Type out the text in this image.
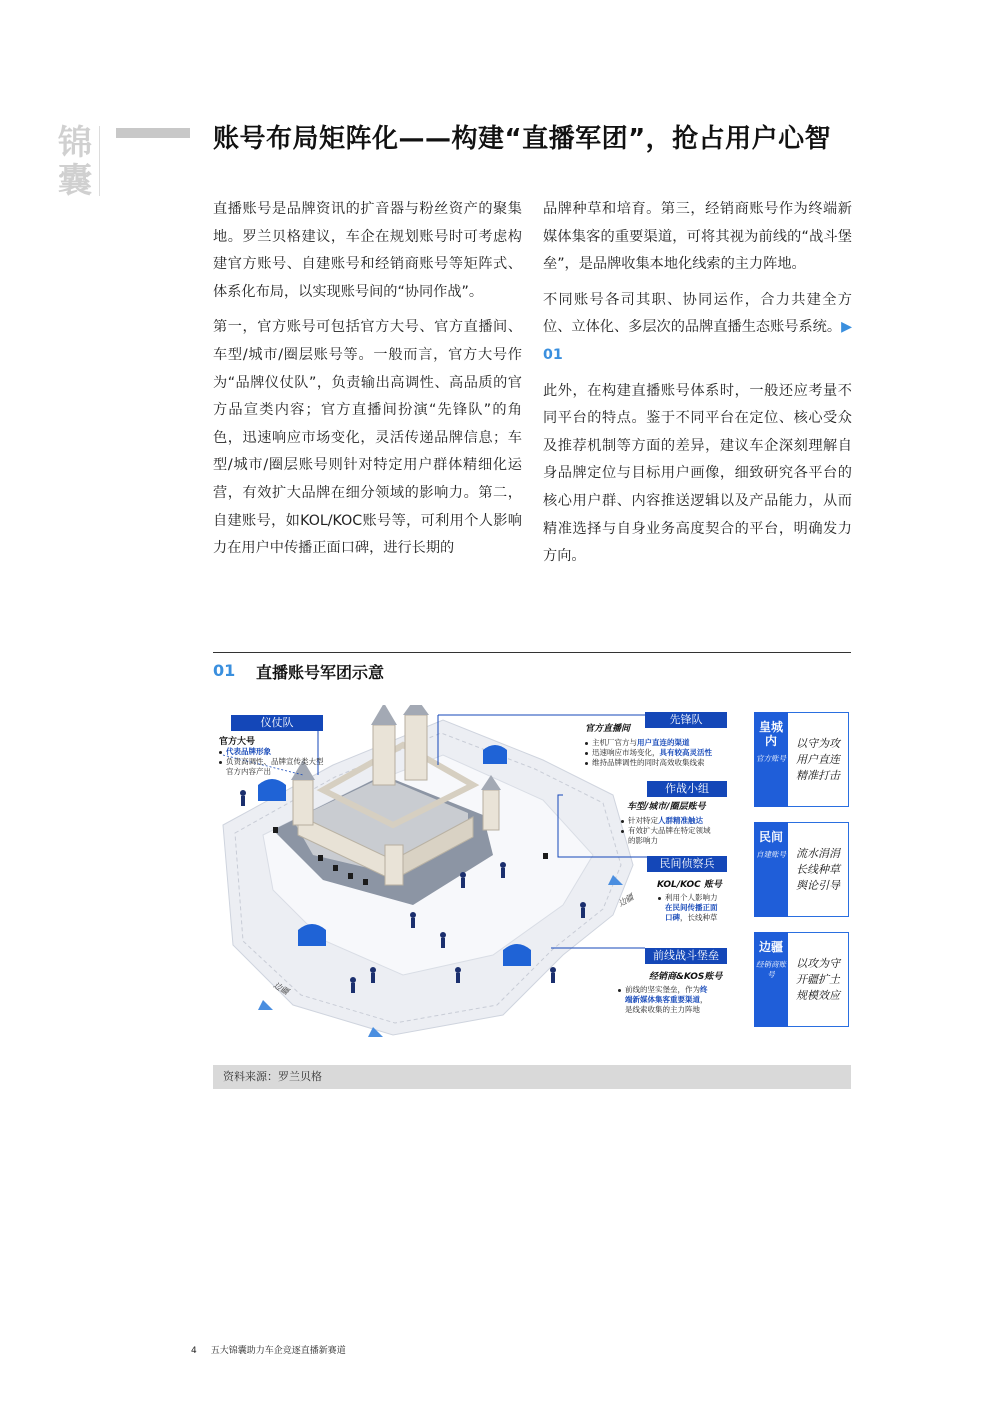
锦
囊
账号布局矩阵化——构建“直播军团”，抢占用户心智

直播账号是品牌资讯的扩音器与粉丝资产的聚集地。罗兰贝格建议，车企在规划账号时可考虑构建官方账号、自建账号和经销商账号等矩阵式、体系化布局，以实现账号间的“协同作战”。

第一，官方账号可包括官方大号、官方直播间、车型/城市/圈层账号等。一般而言，官方大号作为“品牌仪仗队”，负责输出高调性、高品质的官方品宣类内容；官方直播间扮演“先锋队”的角色，迅速响应市场变化，灵活传递品牌信息；车型/城市/圈层账号则针对特定用户群体精细化运营，有效扩大品牌在细分领域的影响力。第二，自建账号，如KOL/KOC账号等，可利用个人影响力在用户中传播正面口碑，进行长期的

品牌种草和培育。第三，经销商账号作为终端新媒体集客的重要渠道，可将其视为前线的“战斗堡垒”，是品牌收集本地化线索的主力阵地。

不同账号各司其职、协同运作，合力共建全方位、立体化、多层次的品牌直播生态账号系统。▶ 01

此外，在构建直播账号体系时，一般还应考量不同平台的特点。鉴于不同平台在定位、核心受众及推荐机制等方面的差异，建议车企深刻理解自身品牌定位与目标用户画像，细致研究各平台的核心用户群、内容推送逻辑以及产品能力，从而精准选择与自身业务高度契合的平台，明确发力方向。

01 直播账号军团示意
仪仗队
官方大号
代表品牌形象
负责高调性、品牌宣传类大型
官方内容产出
先锋队
官方直播间
主机厂官方与用户直连的渠道
迅速响应市场变化，具有较高灵活性
维持品牌调性的同时高效收集线索
作战小组
车型/城市/圈层账号
针对特定人群精准触达
有效扩大品牌在特定领域
的影响力
民间侦察兵
KOL/KOC 账号
利用个人影响力
在民间传播正面
口碑，长线种草
前线战斗堡垒
经销商&KOS账号
前线的坚实堡垒，作为终
端新媒体集客重要渠道，
是线索收集的主力阵地
边疆
边疆
皇城内
官方账号
以守为攻
用户直连
精准打击
民间
自建账号 流水涓涓
长线种草
舆论引导
边疆
经销商账号
以攻为守
开疆扩土
规模效应
资料来源：罗兰贝格
4 五大锦囊助力车企竞逐直播新赛道
